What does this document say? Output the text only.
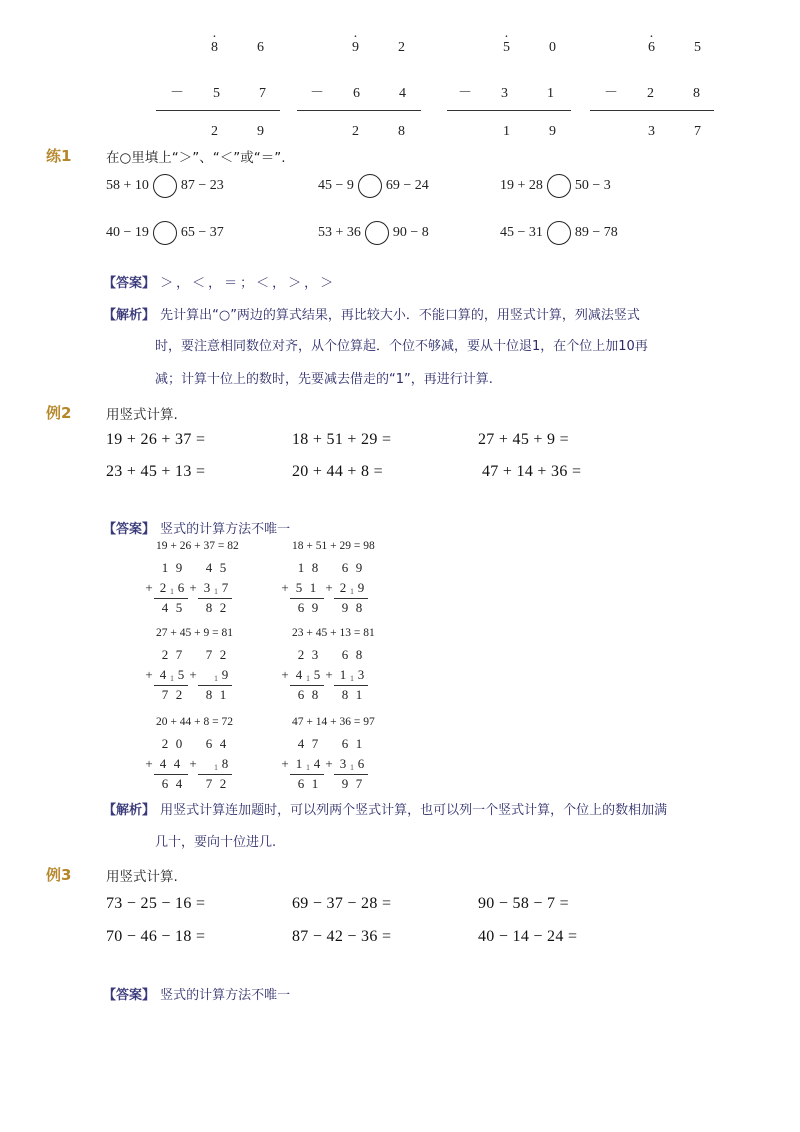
· 8	6
－ 5	7
2	9
· 9	2
－ 6	4
2	8
· 5	0
－ 3	1
1	9
· 6	5
－ 2	8
3	7
练1	在○里填上“＞”、“＜”或“＝”.
58 + 10 87 − 23	45 − 9 69 − 24	19 + 28 50 − 3
40 − 19 65 − 37	53 + 36 90 − 8	45 − 31 89 − 78
【答案】 ＞，＜，＝；＜，＞，＞
【解析】 先计算出“○”两边的算式结果，再比较大小．不能口算的，用竖式计算，列减法竖式
时，要注意相同数位对齐，从个位算起．个位不够减，要从十位退1，在个位上加10再
减；计算十位上的数时，先要减去借走的“1”，再进行计算.
例2	用竖式计算.
19 + 26 + 37 =	18 + 51 + 29 =	27 + 45 + 9 =
23 + 45 + 13 =	20 + 44 + 8 =	47 + 14 + 36 =
【答案】 竖式的计算方法不唯一
19 + 26 + 37 = 82
1 9
+ 2 1 6
4 5
4 5
+ 3 1 7
8 2
18 + 51 + 29 = 98
1 8
+ 5 1
6 9
6 9
+ 2 1 9
9 8
27 + 45 + 9 = 81
2 7
+ 4 1 5
7 2
7 2
+ 1 9
8 1
23 + 45 + 13 = 81
2 3
+ 4 1 5
6 8
6 8
+ 1 1 3
8 1
20 + 44 + 8 = 72
2 0
+ 4 4
6 4
6 4
+ 1 8
7 2
47 + 14 + 36 = 97
4 7
+ 1 1 4
6 1
6 1
+ 3 1 6
9 7
【解析】 用竖式计算连加题时，可以列两个竖式计算，也可以列一个竖式计算，个位上的数相加满
几十，要向十位进几.
例3	用竖式计算.
73 − 25 − 16 =	69 − 37 − 28 =	90 − 58 − 7 =
70 − 46 − 18 =	87 − 42 − 36 =	40 − 14 − 24 =
【答案】 竖式的计算方法不唯一
